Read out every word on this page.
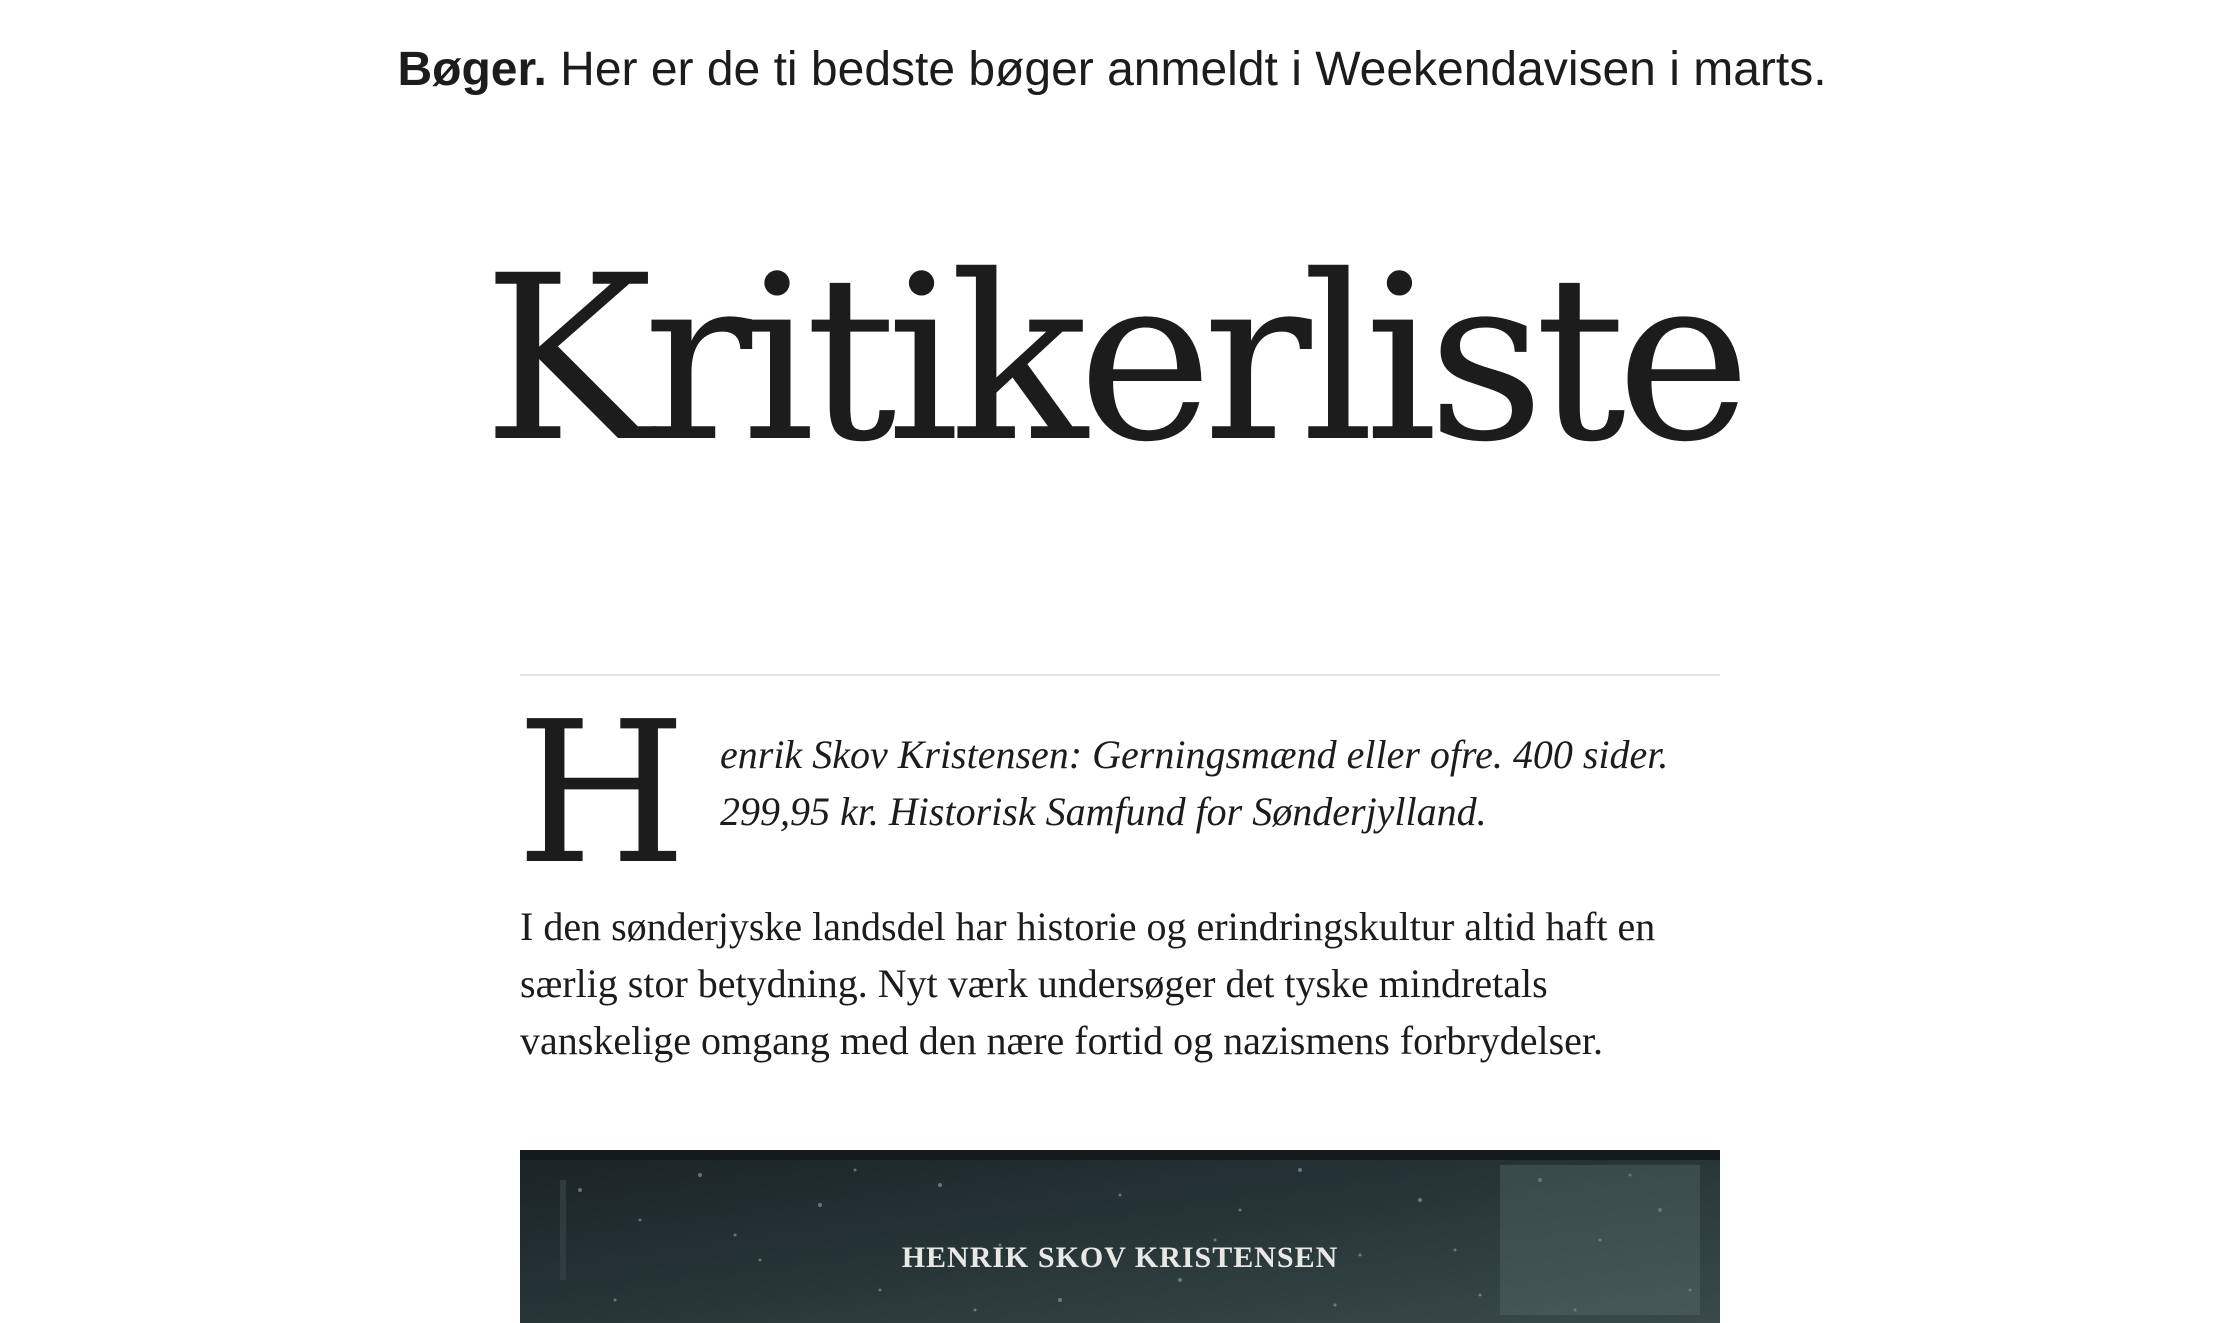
Bøger. Her er de ti bedste bøger anmeldt i Weekendavisen i marts.
Kritikerliste
H enrik Skov Kristensen: Gerningsmænd eller ofre. 400 sider. 299,95 kr. Historisk Samfund for Sønderjylland.

I den sønderjyske landsdel har historie og erindringskultur altid haft en særlig stor betydning. Nyt værk undersøger det tyske mindretals vanskelige omgang med den nære fortid og nazismens forbrydelser.

HENRIK SKOV KRISTENSEN
